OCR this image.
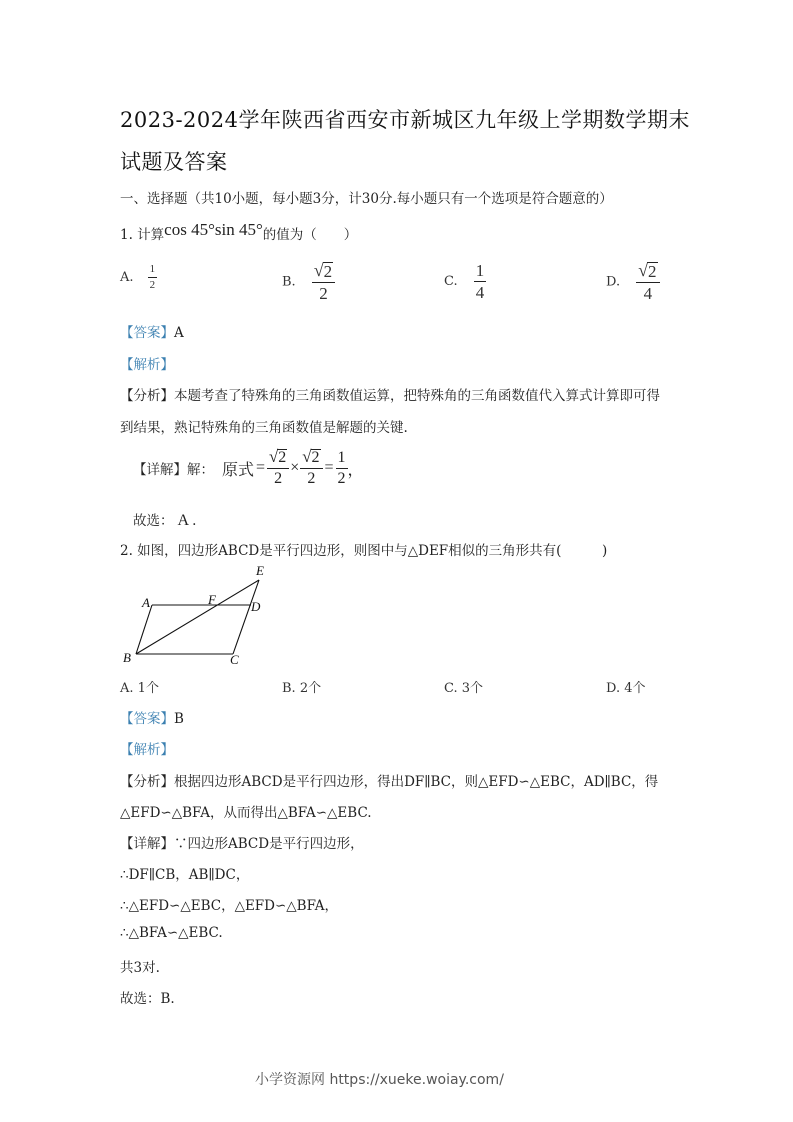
2023-2024学年陕西省西安市新城区九年级上学期数学期末
试题及答案
一、选择题（共10小题，每小题3分，计30分.每小题只有一个选项是符合题意的）
1. 计算cos 45°sin 45°的值为（　　）
A. $\frac{1}{2}$	B. $\frac{√ 2}{2}$	C. $\frac{1}{4}$	D. $\frac{√ 2}{4}$
【答案】A
【解析】
【分析】本题考查了特殊角的三角函数值运算，把特殊角的三角函数值代入算式计算即可得
到结果，熟记特殊角的三角函数值是解题的关键.
【详解】 解： 原式 = $\frac{√ 2}{2} \times \frac{√ 2}{2} = \frac{1}{2}$ ，
故选： A .
2. 如图，四边形ABCD是平行四边形，则图中与△DEF相似的三角形共有(　　　)
A
B	C
D
E
F
A. 1个	B. 2个	C. 3个	D. 4个
【答案】B
【解析】
【分析】根据四边形ABCD是平行四边形，得出DF∥BC，则△EFD∽△EBC，AD∥BC，得
△EFD∽△BFA，从而得出△BFA∽△EBC.
【详解】∵四边形ABCD是平行四边形，
∴DF∥CB，AB∥DC，
∴△EFD∽△EBC，△EFD∽△BFA，
∴△BFA∽△EBC.
共3对.
故选：B.
小学资源网 https://xueke.woiay.com/
